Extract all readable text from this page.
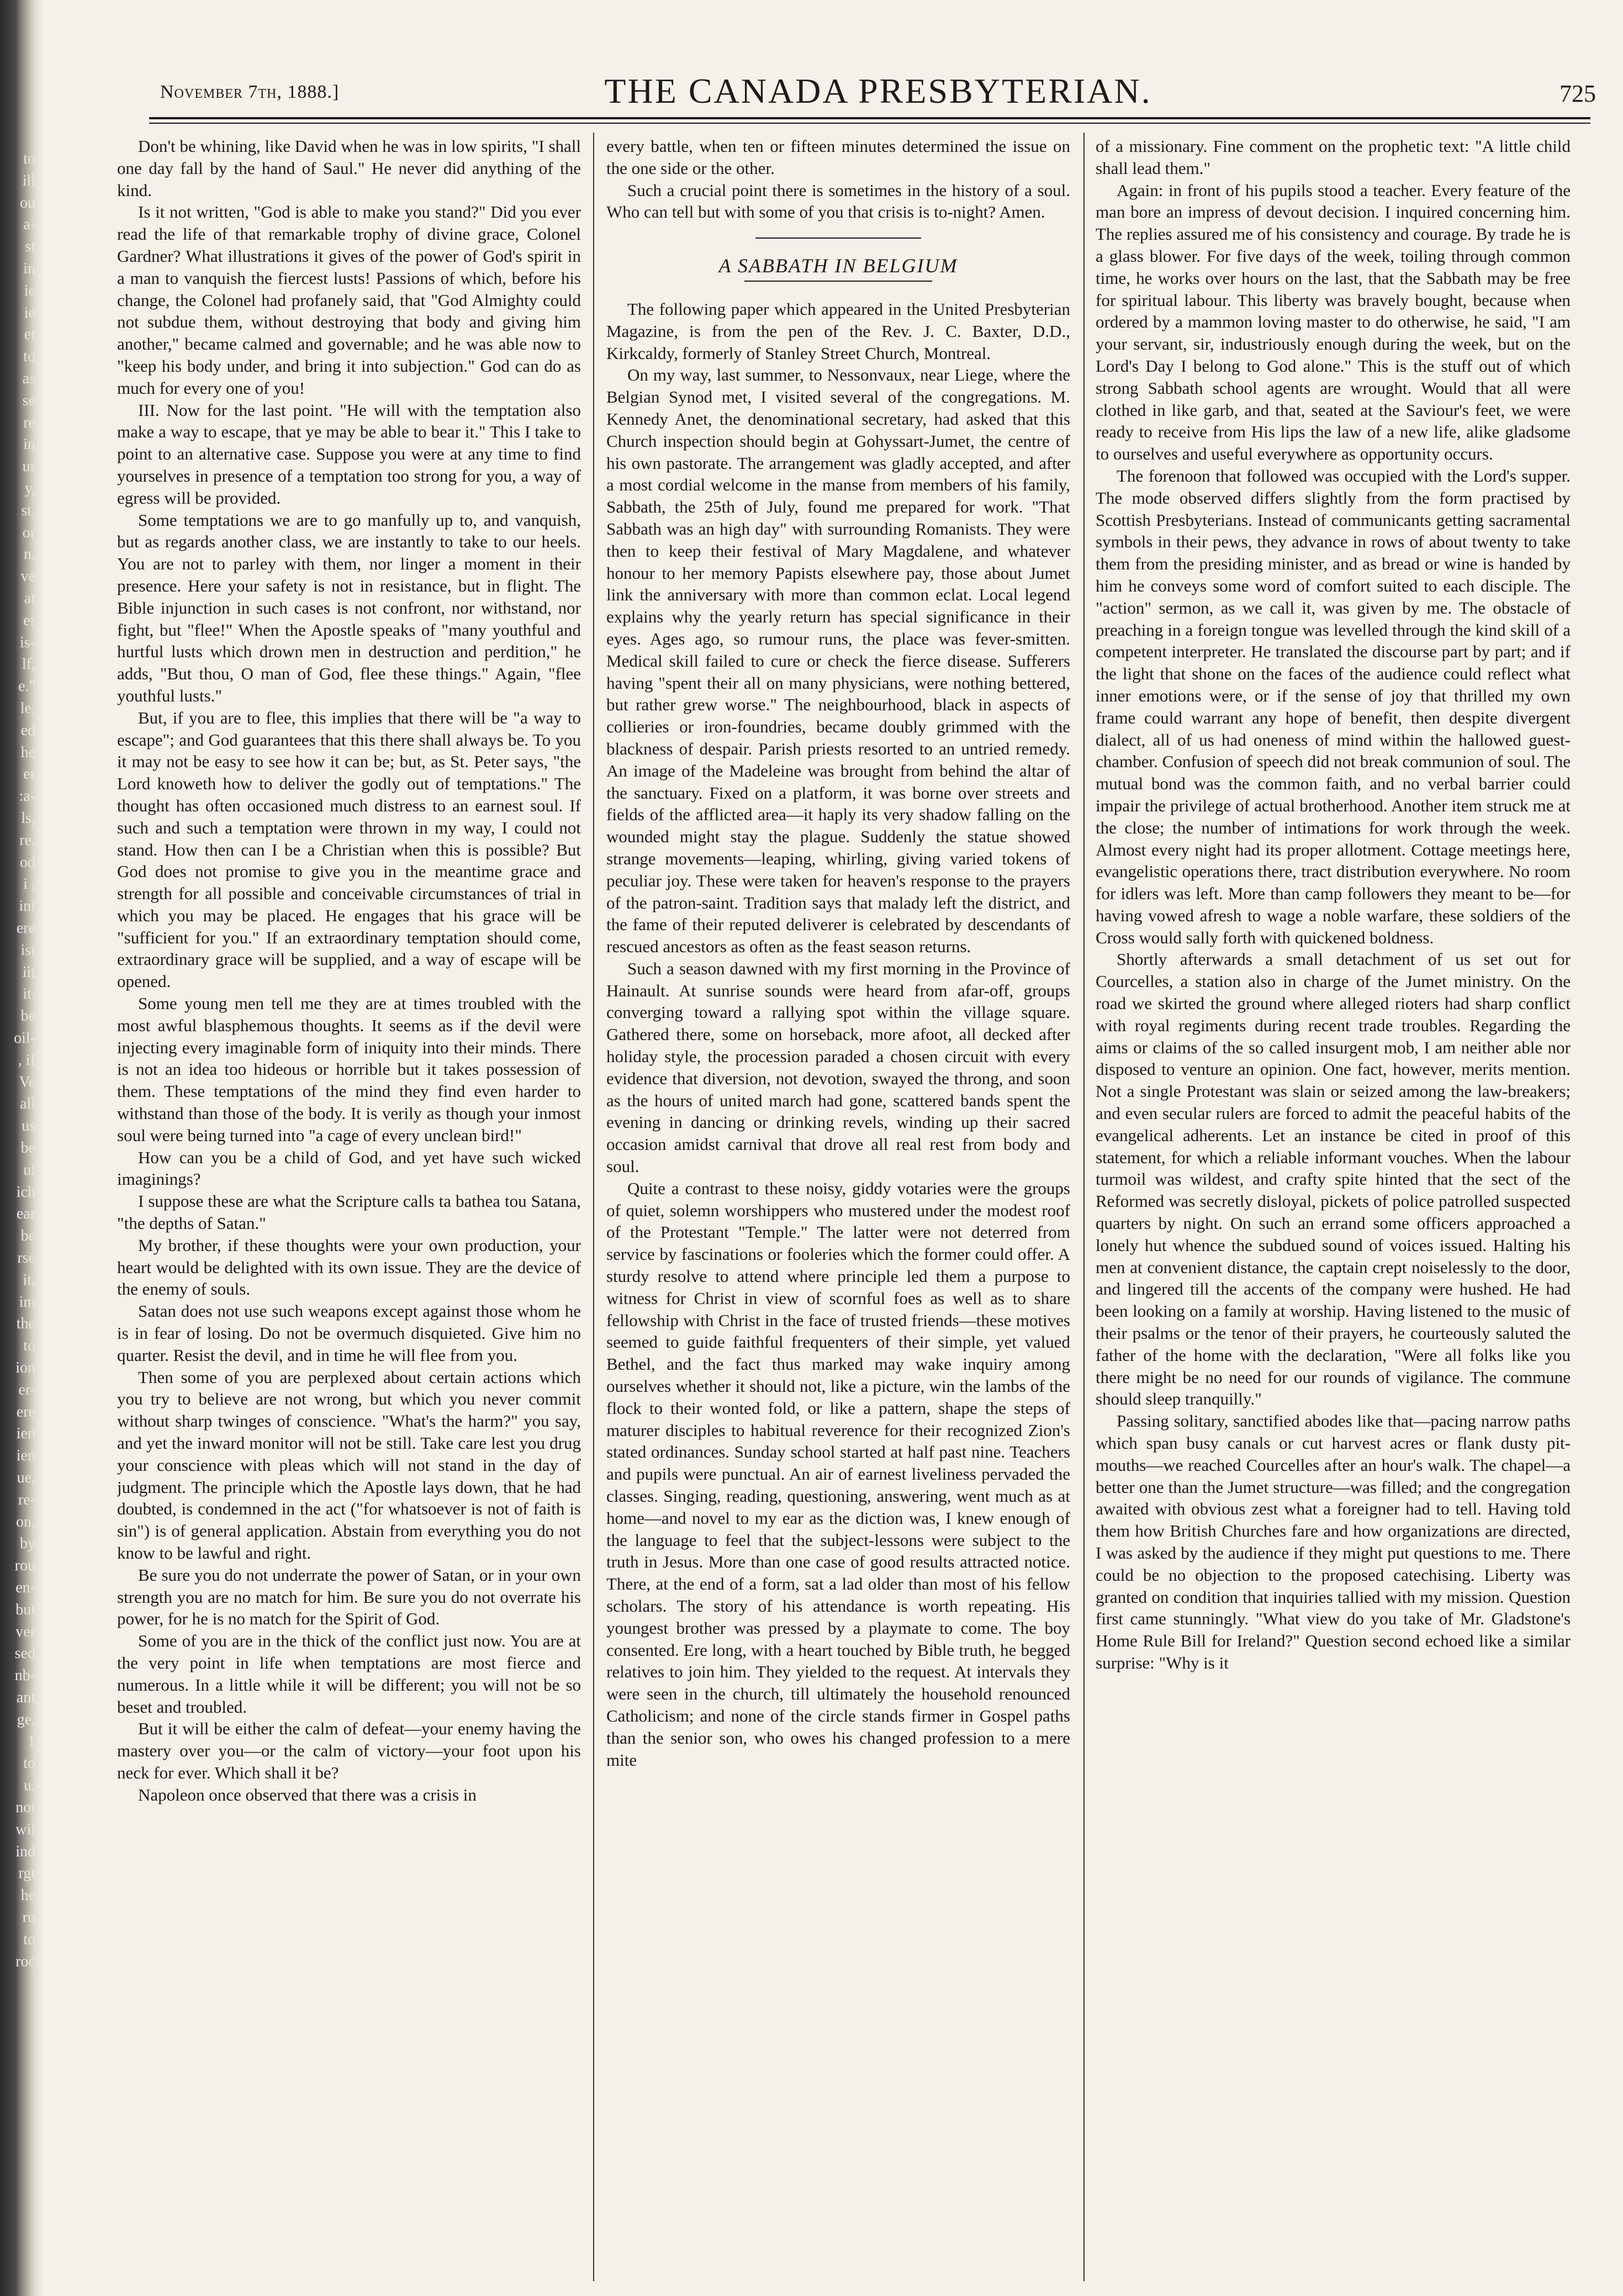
to
ill
ou
a-
st
in
ie
ie
et
to
as
se
re
in
ur
y,
st.
or
n.
ve
at
er
is-
lf,
e."
le.
ed
he
er
:a-
ls,
re.
od
i ,
int
ere
ist
iit
it.
be
oil-
, if
Ve
all
us
be
ut
ich
ear
be
rse
it,
im
the
to
ion
er-
ere
ien
ien
ue,
re-
on,
by
rou
en-
but
ver
sed
nb-
ant
ge.
1
to
u.
not
wil
ind
rgt
he
ru
to
roc
November 7th, 1888.]	THE CANADA PRESBYTERIAN.	725

Don't be whining, like David when he was in low spirits, "I shall one day fall by the hand of Saul." He never did anything of the kind.

Is it not written, "God is able to make you stand?" Did you ever read the life of that remarkable trophy of divine grace, Colonel Gardner? What illustrations it gives of the power of God's spirit in a man to vanquish the fiercest lusts! Passions of which, before his change, the Colonel had profanely said, that "God Almighty could not subdue them, without destroying that body and giving him another," became calmed and governable; and he was able now to "keep his body under, and bring it into subjection." God can do as much for every one of you!

III. Now for the last point. "He will with the temptation also make a way to escape, that ye may be able to bear it." This I take to point to an alternative case. Suppose you were at any time to find yourselves in presence of a temptation too strong for you, a way of egress will be provided.

Some temptations we are to go manfully up to, and vanquish, but as regards another class, we are instantly to take to our heels. You are not to parley with them, nor linger a moment in their presence. Here your safety is not in resistance, but in flight. The Bible injunction in such cases is not confront, nor withstand, nor fight, but "flee!" When the Apostle speaks of "many youthful and hurtful lusts which drown men in destruction and perdition," he adds, "But thou, O man of God, flee these things." Again, "flee youthful lusts."

But, if you are to flee, this implies that there will be "a way to escape"; and God guarantees that this there shall always be. To you it may not be easy to see how it can be; but, as St. Peter says, "the Lord knoweth how to deliver the godly out of temptations." The thought has often occasioned much distress to an earnest soul. If such and such a temptation were thrown in my way, I could not stand. How then can I be a Christian when this is possible? But God does not promise to give you in the meantime grace and strength for all possible and conceivable circumstances of trial in which you may be placed. He engages that his grace will be "sufficient for you." If an extraordinary temptation should come, extraordinary grace will be supplied, and a way of escape will be opened.

Some young men tell me they are at times troubled with the most awful blasphemous thoughts. It seems as if the devil were injecting every imaginable form of iniquity into their minds. There is not an idea too hideous or horrible but it takes possession of them. These temptations of the mind they find even harder to withstand than those of the body. It is verily as though your inmost soul were being turned into "a cage of every unclean bird!"

How can you be a child of God, and yet have such wicked imaginings?

I suppose these are what the Scripture calls ta bathea tou Satana, "the depths of Satan."

My brother, if these thoughts were your own production, your heart would be delighted with its own issue. They are the device of the enemy of souls.

Satan does not use such weapons except against those whom he is in fear of losing. Do not be overmuch disquieted. Give him no quarter. Resist the devil, and in time he will flee from you.

Then some of you are perplexed about certain actions which you try to believe are not wrong, but which you never commit without sharp twinges of conscience. "What's the harm?" you say, and yet the inward monitor will not be still. Take care lest you drug your conscience with pleas which will not stand in the day of judgment. The principle which the Apostle lays down, that he had doubted, is condemned in the act ("for whatsoever is not of faith is sin") is of general application. Abstain from everything you do not know to be lawful and right.

Be sure you do not underrate the power of Satan, or in your own strength you are no match for him. Be sure you do not overrate his power, for he is no match for the Spirit of God.

Some of you are in the thick of the conflict just now. You are at the very point in life when temptations are most fierce and numerous. In a little while it will be different; you will not be so beset and troubled.

But it will be either the calm of defeat—your enemy having the mastery over you—or the calm of victory—your foot upon his neck for ever. Which shall it be?

Napoleon once observed that there was a crisis in

every battle, when ten or fifteen minutes determined the issue on the one side or the other.

Such a crucial point there is sometimes in the history of a soul. Who can tell but with some of you that crisis is to-night? Amen.

A SABBATH IN BELGIUM

The following paper which appeared in the United Presbyterian Magazine, is from the pen of the Rev. J. C. Baxter, D.D., Kirkcaldy, formerly of Stanley Street Church, Montreal.

On my way, last summer, to Nessonvaux, near Liege, where the Belgian Synod met, I visited several of the congregations. M. Kennedy Anet, the denominational secretary, had asked that this Church inspection should begin at Gohyssart-Jumet, the centre of his own pastorate. The arrangement was gladly accepted, and after a most cordial welcome in the manse from members of his family, Sabbath, the 25th of July, found me prepared for work. "That Sabbath was an high day" with surrounding Romanists. They were then to keep their festival of Mary Magdalene, and whatever honour to her memory Papists elsewhere pay, those about Jumet link the anniversary with more than common eclat. Local legend explains why the yearly return has special significance in their eyes. Ages ago, so rumour runs, the place was fever-smitten. Medical skill failed to cure or check the fierce disease. Sufferers having "spent their all on many physicians, were nothing bettered, but rather grew worse." The neighbourhood, black in aspects of collieries or iron-foundries, became doubly grimmed with the blackness of despair. Parish priests resorted to an untried remedy. An image of the Madeleine was brought from behind the altar of the sanctuary. Fixed on a platform, it was borne over streets and fields of the afflicted area—it haply its very shadow falling on the wounded might stay the plague. Suddenly the statue showed strange movements—leaping, whirling, giving varied tokens of peculiar joy. These were taken for heaven's response to the prayers of the patron-saint. Tradition says that malady left the district, and the fame of their reputed deliverer is celebrated by descendants of rescued ancestors as often as the feast season returns.

Such a season dawned with my first morning in the Province of Hainault. At sunrise sounds were heard from afar-off, groups converging toward a rallying spot within the village square. Gathered there, some on horseback, more afoot, all decked after holiday style, the procession paraded a chosen circuit with every evidence that diversion, not devotion, swayed the throng, and soon as the hours of united march had gone, scattered bands spent the evening in dancing or drinking revels, winding up their sacred occasion amidst carnival that drove all real rest from body and soul.

Quite a contrast to these noisy, giddy votaries were the groups of quiet, solemn worshippers who mustered under the modest roof of the Protestant "Temple." The latter were not deterred from service by fascinations or fooleries which the former could offer. A sturdy resolve to attend where principle led them a purpose to witness for Christ in view of scornful foes as well as to share fellowship with Christ in the face of trusted friends—these motives seemed to guide faithful frequenters of their simple, yet valued Bethel, and the fact thus marked may wake inquiry among ourselves whether it should not, like a picture, win the lambs of the flock to their wonted fold, or like a pattern, shape the steps of maturer disciples to habitual reverence for their recognized Zion's stated ordinances. Sunday school started at half past nine. Teachers and pupils were punctual. An air of earnest liveliness pervaded the classes. Singing, reading, questioning, answering, went much as at home—and novel to my ear as the diction was, I knew enough of the language to feel that the subject-lessons were subject to the truth in Jesus. More than one case of good results attracted notice. There, at the end of a form, sat a lad older than most of his fellow scholars. The story of his attendance is worth repeating. His youngest brother was pressed by a playmate to come. The boy consented. Ere long, with a heart touched by Bible truth, he begged relatives to join him. They yielded to the request. At intervals they were seen in the church, till ultimately the household renounced Catholicism; and none of the circle stands firmer in Gospel paths than the senior son, who owes his changed profession to a mere mite

of a missionary. Fine comment on the prophetic text: "A little child shall lead them."

Again: in front of his pupils stood a teacher. Every feature of the man bore an impress of devout decision. I inquired concerning him. The replies assured me of his consistency and courage. By trade he is a glass blower. For five days of the week, toiling through common time, he works over hours on the last, that the Sabbath may be free for spiritual labour. This liberty was bravely bought, because when ordered by a mammon loving master to do otherwise, he said, "I am your servant, sir, industriously enough during the week, but on the Lord's Day I belong to God alone." This is the stuff out of which strong Sabbath school agents are wrought. Would that all were clothed in like garb, and that, seated at the Saviour's feet, we were ready to receive from His lips the law of a new life, alike gladsome to ourselves and useful everywhere as opportunity occurs.

The forenoon that followed was occupied with the Lord's supper. The mode observed differs slightly from the form practised by Scottish Presbyterians. Instead of communicants getting sacramental symbols in their pews, they advance in rows of about twenty to take them from the presiding minister, and as bread or wine is handed by him he conveys some word of comfort suited to each disciple. The "action" sermon, as we call it, was given by me. The obstacle of preaching in a foreign tongue was levelled through the kind skill of a competent interpreter. He translated the discourse part by part; and if the light that shone on the faces of the audience could reflect what inner emotions were, or if the sense of joy that thrilled my own frame could warrant any hope of benefit, then despite divergent dialect, all of us had oneness of mind within the hallowed guest-chamber. Confusion of speech did not break communion of soul. The mutual bond was the common faith, and no verbal barrier could impair the privilege of actual brotherhood. Another item struck me at the close; the number of intimations for work through the week. Almost every night had its proper allotment. Cottage meetings here, evangelistic operations there, tract distribution everywhere. No room for idlers was left. More than camp followers they meant to be—for having vowed afresh to wage a noble warfare, these soldiers of the Cross would sally forth with quickened boldness.

Shortly afterwards a small detachment of us set out for Courcelles, a station also in charge of the Jumet ministry. On the road we skirted the ground where alleged rioters had sharp conflict with royal regiments during recent trade troubles. Regarding the aims or claims of the so called insurgent mob, I am neither able nor disposed to venture an opinion. One fact, however, merits mention. Not a single Protestant was slain or seized among the law-breakers; and even secular rulers are forced to admit the peaceful habits of the evangelical adherents. Let an instance be cited in proof of this statement, for which a reliable informant vouches. When the labour turmoil was wildest, and crafty spite hinted that the sect of the Reformed was secretly disloyal, pickets of police patrolled suspected quarters by night. On such an errand some officers approached a lonely hut whence the subdued sound of voices issued. Halting his men at convenient distance, the captain crept noiselessly to the door, and lingered till the accents of the company were hushed. He had been looking on a family at worship. Having listened to the music of their psalms or the tenor of their prayers, he courteously saluted the father of the home with the declaration, "Were all folks like you there might be no need for our rounds of vigilance. The commune should sleep tranquilly."

Passing solitary, sanctified abodes like that—pacing narrow paths which span busy canals or cut harvest acres or flank dusty pit-mouths—we reached Courcelles after an hour's walk. The chapel—a better one than the Jumet structure—was filled; and the congregation awaited with obvious zest what a foreigner had to tell. Having told them how British Churches fare and how organizations are directed, I was asked by the audience if they might put questions to me. There could be no objection to the proposed catechising. Liberty was granted on condition that inquiries tallied with my mission. Question first came stunningly. "What view do you take of Mr. Gladstone's Home Rule Bill for Ireland?" Question second echoed like a similar surprise: "Why is it
